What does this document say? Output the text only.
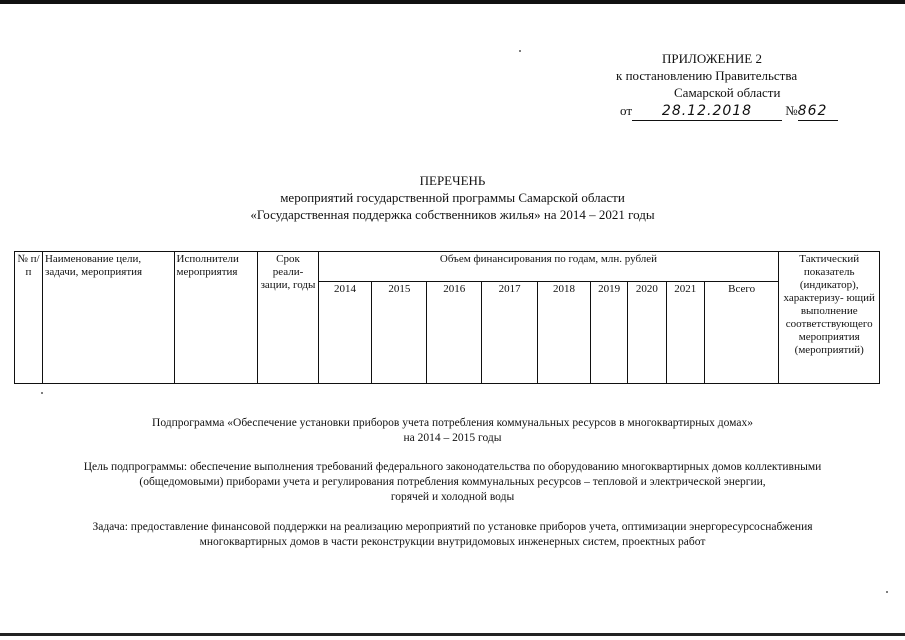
ПРИЛОЖЕНИЕ 2
к постановлению Правительства
Самарской области
от 28.12.2018	№862
ПЕРЕЧЕНЬ
мероприятий государственной программы Самарской области
«Государственная поддержка собственников жилья» на 2014 – 2021 годы
№ п/п	Наименование цели, задачи, мероприятия	Исполнители мероприятия	Срок реали- зации, годы	Объем финансирования по годам, млн. рублей									Тактический показатель (индикатор), характеризу- ющий выполнение соответствующего мероприятия (мероприятий)
				2014	2015	2016	2017	2018	2019	2020	2021	Всего	
Подпрограмма «Обеспечение установки приборов учета потребления коммунальных ресурсов в многоквартирных домах»
на 2014 – 2015 годы
Цель подпрограммы: обеспечение выполнения требований федерального законодательства по оборудованию многоквартирных домов коллективными
(общедомовыми) приборами учета и регулирования потребления коммунальных ресурсов – тепловой и электрической энергии,
горячей и холодной воды
Задача: предоставление финансовой поддержки на реализацию мероприятий по установке приборов учета, оптимизации энергоресурсоснабжения
многоквартирных домов в части реконструкции внутридомовых инженерных систем, проектных работ
